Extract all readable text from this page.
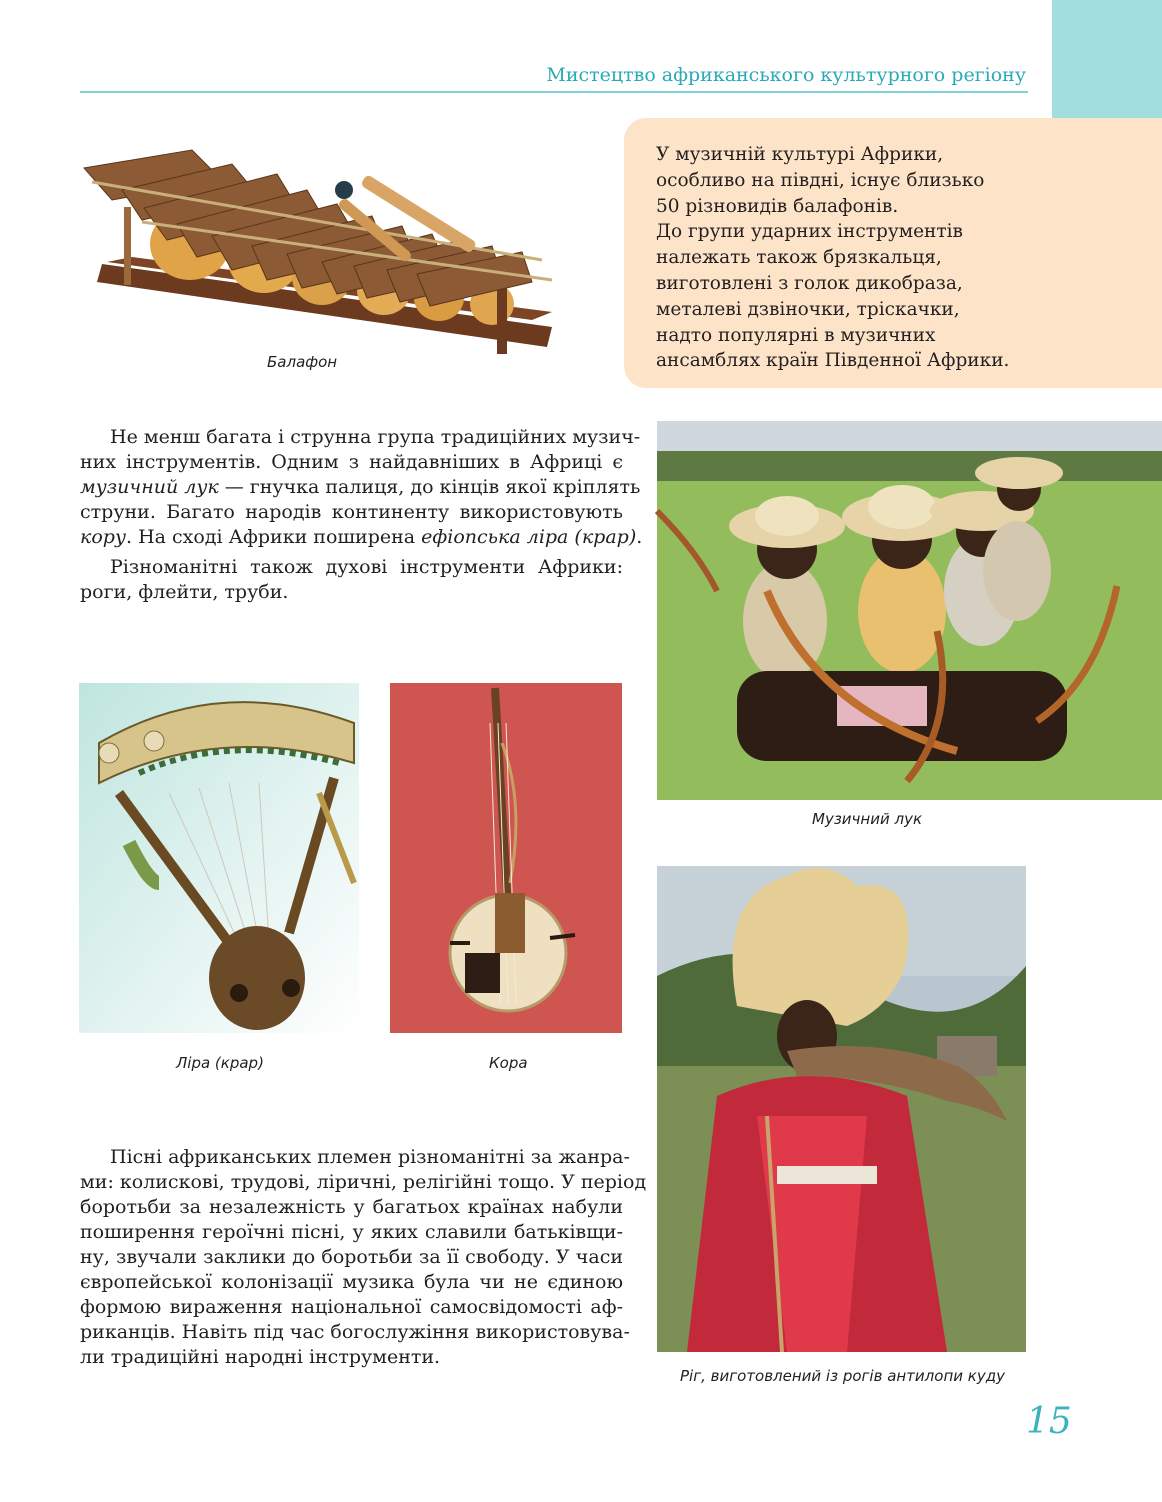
Мистецтво африканського культурного регіону
У музичній культурі Африки,
особливо на півдні, існує близько
50 різновидів балафонів.
До групи ударних інструментів
належать також брязкальця,
виготовлені з голок дикобраза,
металеві дзвіночки, тріскачки,
надто популярні в музичних
ансамблях країн Південної Африки.
Балафон
Не менш багата і струнна група традиційних музич-
них інструментів. Одним з найдавніших в Африці є
музичний лук — гнучка палиця, до кінців якої кріплять
струни. Багато народів континенту використовують
кору. На сході Африки поширена ефіопська ліра (крар).
Різноманітні також духові інструменти Африки:
роги, флейти, труби.
Музичний лук
Ліра (крар)	Кора
Ріг, виготовлений із рогів антилопи куду
Пісні африканських племен різноманітні за жанра-
ми: колискові, трудові, ліричні, релігійні тощо. У період
боротьби за незалежність у багатьох країнах набули
поширення героїчні пісні, у яких славили батьківщи-
ну, звучали заклики до боротьби за її свободу. У часи
європейської колонізації музика була чи не єдиною
формою вираження національної самосвідомості аф-
риканців. Навіть під час богослужіння використовува-
ли традиційні народні інструменти.
15
